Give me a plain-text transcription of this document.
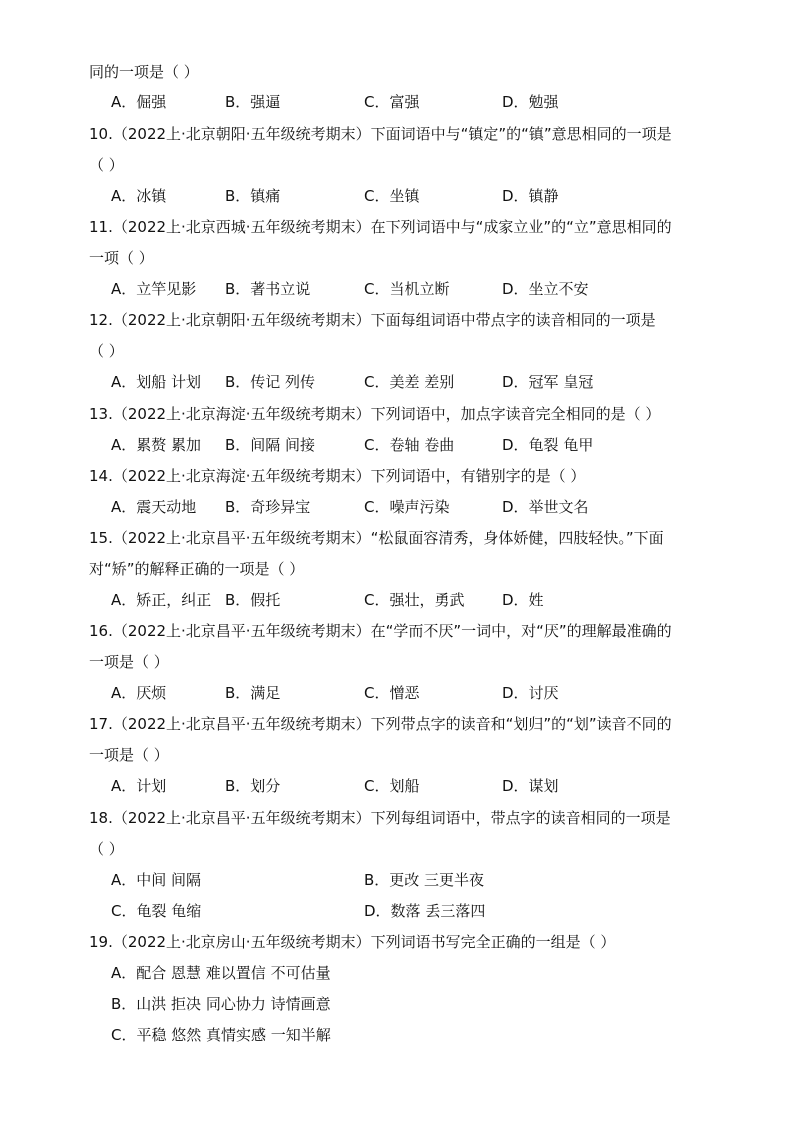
同的一项是（ ）
A．倔强	B．强逼	C．富强	D．勉强
10.（2022上·北京朝阳·五年级统考期末）下面词语中与“镇定”的“镇”意思相同的一项是
（ ）
A．冰镇	B．镇痛	C．坐镇	D．镇静
11.（2022上·北京西城·五年级统考期末）在下列词语中与“成家立业”的“立”意思相同的
一项（ ）
A．立竿见影 B．著书立说	C．当机立断	D．坐立不安
12.（2022上·北京朝阳·五年级统考期末）下面每组词语中带点字的读音相同的一项是
（ ）
A．划船 计划 B．传记 列传	C．美差 差别	D．冠军 皇冠
13.（2022上·北京海淀·五年级统考期末）下列词语中，加点字读音完全相同的是（ ）
A．累赘 累加 B．间隔 间接	C．卷轴 卷曲	D．龟裂 龟甲
14.（2022上·北京海淀·五年级统考期末）下列词语中，有错别字的是（ ）
A．震天动地 B．奇珍异宝	C．噪声污染	D．举世文名
15.（2022上·北京昌平·五年级统考期末）“松鼠面容清秀，身体娇健，四肢轻快。”下面
对“矫”的解释正确的一项是（ ）
A．矫正，纠正 B．假托	C．强壮，勇武	D．姓
16.（2022上·北京昌平·五年级统考期末）在“学而不厌”一词中，对“厌”的理解最准确的
一项是（ ）
A．厌烦	B．满足	C．憎恶	D．讨厌
17.（2022上·北京昌平·五年级统考期末）下列带点字的读音和“划归”的“划”读音不同的
一项是（ ）
A．计划	B．划分	C．划船	D．谋划
18.（2022上·北京昌平·五年级统考期末）下列每组词语中，带点字的读音相同的一项是
（ ）
A．中间 间隔	B．更改 三更半夜
C．龟裂 龟缩	D．数落 丢三落四
19.（2022上·北京房山·五年级统考期末）下列词语书写完全正确的一组是（ ）
A．配合 恩慧 难以置信 不可估量
B．山洪 拒决 同心协力 诗情画意
C．平稳 悠然 真情实感 一知半解
